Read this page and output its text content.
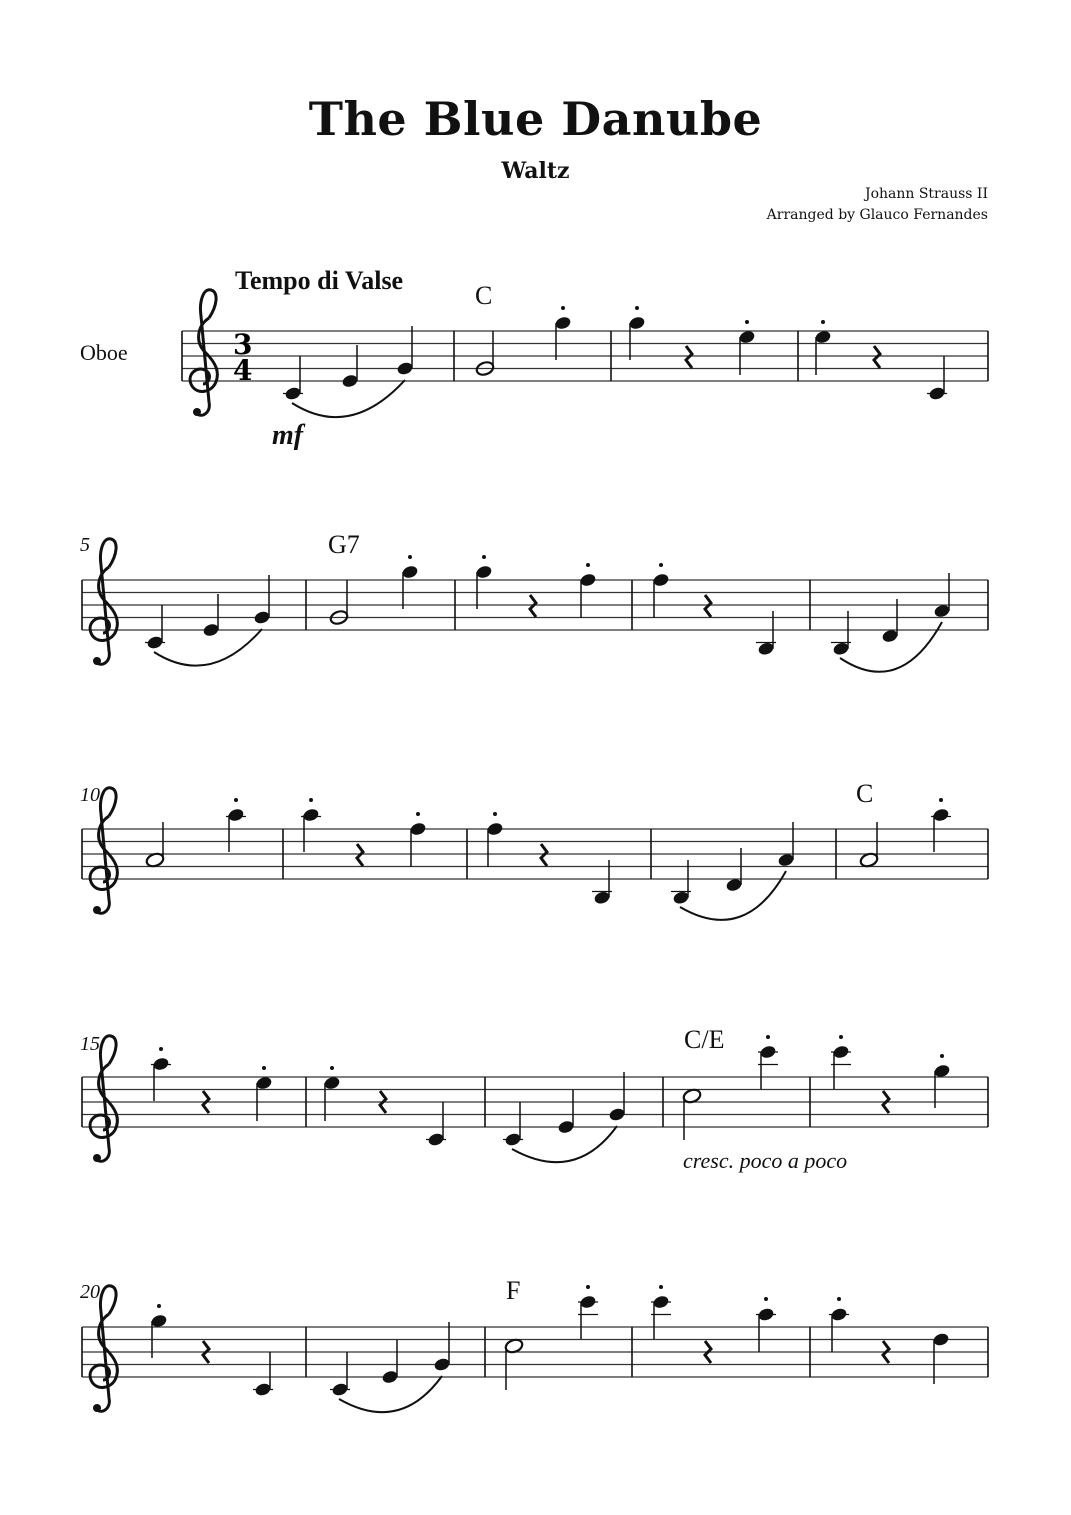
The Blue Danube
Waltz
Johann Strauss II
Arranged by Glauco Fernandes
Oboe
Tempo di Valse
C
G7
C
C/E
F
5
10
15
20
mf
cresc. poco a poco
3
4
